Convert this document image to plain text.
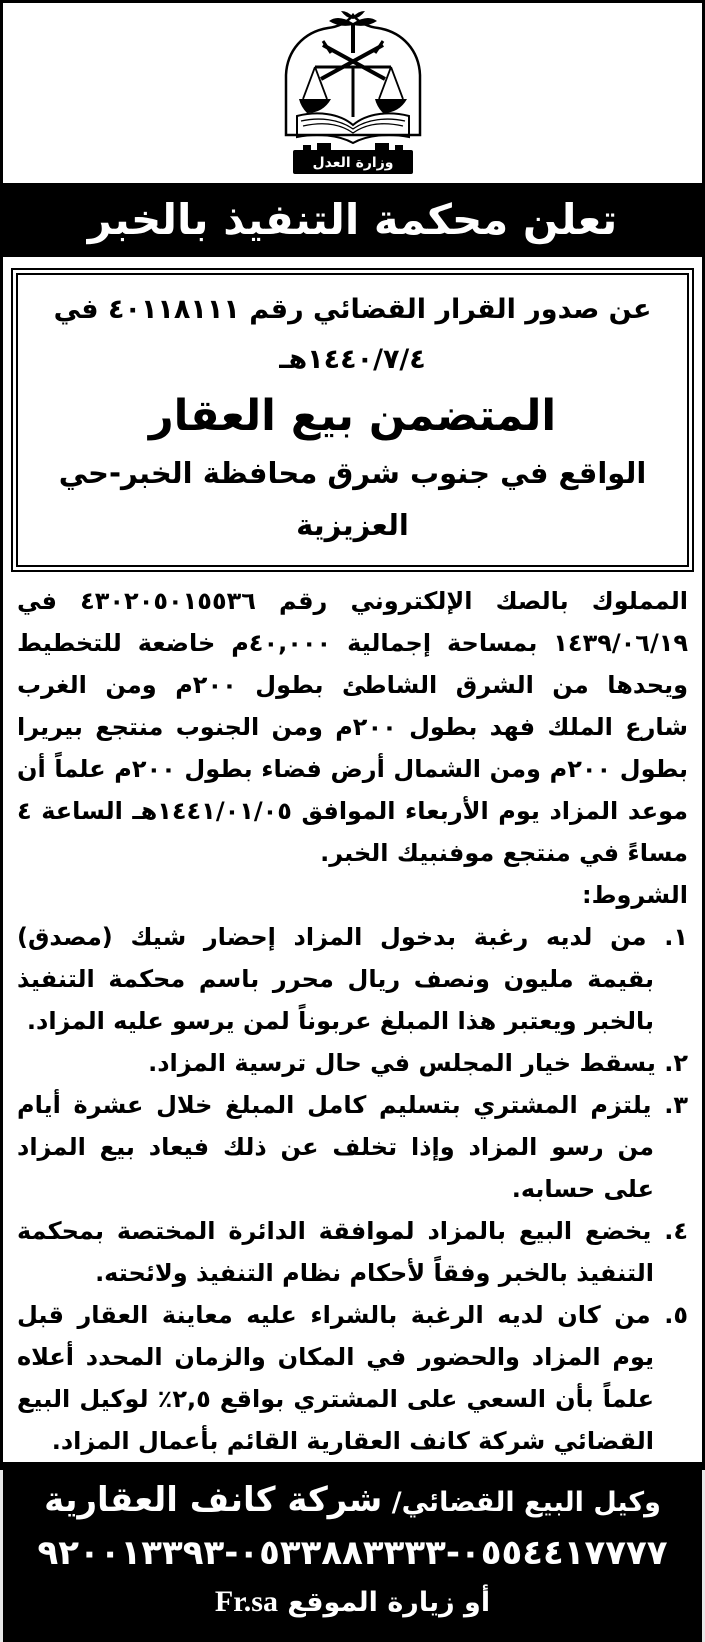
وزارة العدل
تعلن محكمة التنفيذ بالخبر
عن صدور القرار القضائي رقم ٤٠١١٨١١١ في ١٤٤٠/٧/٤هـ
المتضمن بيع العقار
الواقع في جنوب شرق محافظة الخبر-حي العزيزية

المملوك بالصك الإلكتروني رقم ٤٣٠٢٠٥٠١٥٥٣٦ في ١٤٣٩/٠٦/١٩ بمساحة إجمالية ٤٠,٠٠٠م خاضعة للتخطيط ويحدها من الشرق الشاطئ بطول ٢٠٠م ومن الغرب شارع الملك فهد بطول ٢٠٠م ومن الجنوب منتجع بيريرا بطول ٢٠٠م ومن الشمال أرض فضاء بطول ٢٠٠م علماً أن موعد المزاد يوم الأربعاء الموافق ١٤٤١/٠١/٠٥هـ الساعة ٤ مساءً في منتجع موفنبيك الخبر.

الشروط:

١. من لديه رغبة بدخول المزاد إحضار شيك (مصدق) بقيمة مليون ونصف ريال محرر باسم محكمة التنفيذ بالخبر ويعتبر هذا المبلغ عربوناً لمن يرسو عليه المزاد.

٢. يسقط خيار المجلس في حال ترسية المزاد.

٣. يلتزم المشتري بتسليم كامل المبلغ خلال عشرة أيام من رسو المزاد وإذا تخلف عن ذلك فيعاد بيع المزاد على حسابه.

٤. يخضع البيع بالمزاد لموافقة الدائرة المختصة بمحكمة التنفيذ بالخبر وفقاً لأحكام نظام التنفيذ ولائحته.

٥. من كان لديه الرغبة بالشراء عليه معاينة العقار قبل يوم المزاد والحضور في المكان والزمان المحدد أعلاه علماً بأن السعي على المشتري بواقع ٢,٥٪ لوكيل البيع القضائي شركة كانف العقارية القائم بأعمال المزاد.

وكيل البيع القضائي/ شركة كانف العقارية
٠٥٥٤٤١٧٧٧٧-٠٥٣٣٨٨٣٣٣٣-٩٢٠٠١٣٣٩٣
أو زيارة الموقع Fr.sa
